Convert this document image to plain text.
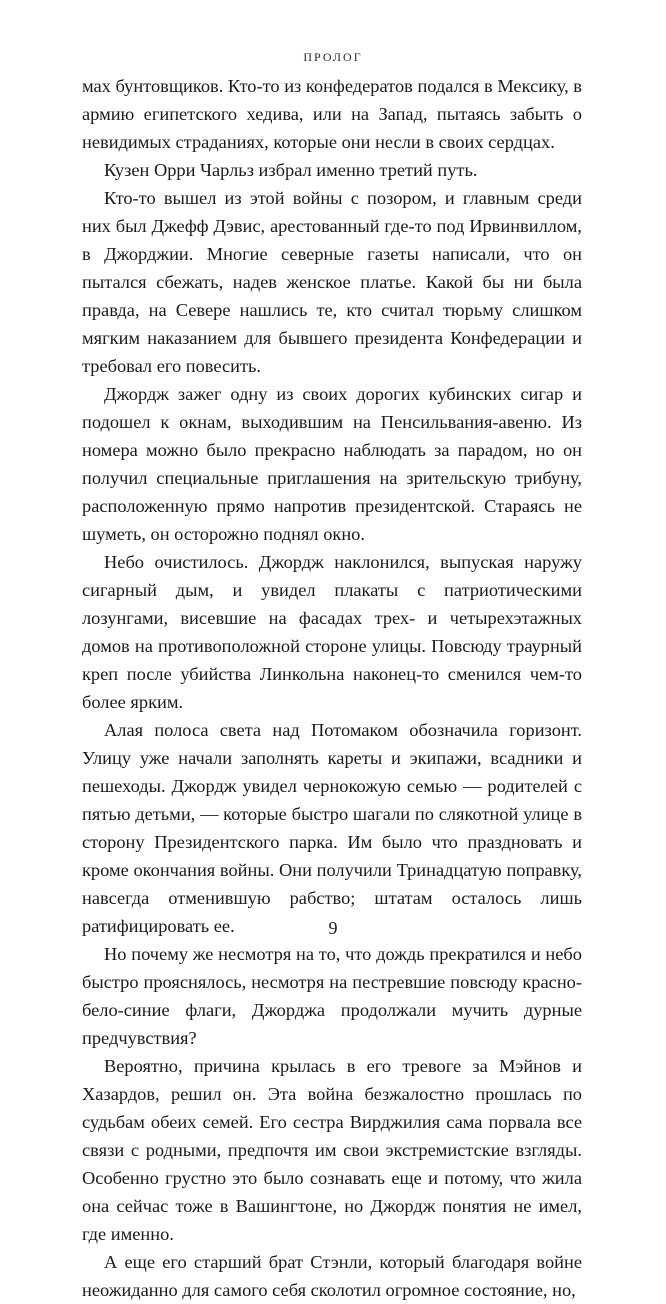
ПРОЛОГ

мах бунтовщиков. Кто-то из конфедератов подался в Мексику, в армию египетского хедива, или на Запад, пытаясь забыть о невидимых страданиях, которые они несли в своих сердцах.

Кузен Орри Чарльз избрал именно третий путь.

Кто-то вышел из этой войны с позором, и главным среди них был Джефф Дэвис, арестованный где-то под Ирвинвиллом, в Джорджии. Многие северные газеты написали, что он пытался сбежать, надев женское платье. Какой бы ни была правда, на Севере нашлись те, кто считал тюрьму слишком мягким наказанием для бывшего президента Конфедерации и требовал его повесить.

Джордж зажег одну из своих дорогих кубинских сигар и подошел к окнам, выходившим на Пенсильвания-авеню. Из номера можно было прекрасно наблюдать за парадом, но он получил специальные приглашения на зрительскую трибуну, расположенную прямо напротив президентской. Стараясь не шуметь, он осторожно поднял окно.

Небо очистилось. Джордж наклонился, выпуская наружу сигарный дым, и увидел плакаты с патриотическими лозунгами, висевшие на фасадах трех- и четырехэтажных домов на противоположной стороне улицы. Повсюду траурный креп после убийства Линкольна наконец-то сменился чем-то более ярким.

Алая полоса света над Потомаком обозначила горизонт. Улицу уже начали заполнять кареты и экипажи, всадники и пешеходы. Джордж увидел чернокожую семью — родителей с пятью детьми, — которые быстро шагали по слякотной улице в сторону Президентского парка. Им было что праздновать и кроме окончания войны. Они получили Тринадцатую поправку, навсегда отменившую рабство; штатам осталось лишь ратифицировать ее.

Но почему же несмотря на то, что дождь прекратился и небо быстро прояснялось, несмотря на пестревшие повсюду красно-бело-синие флаги, Джорджа продолжали мучить дурные предчувствия?

Вероятно, причина крылась в его тревоге за Мэйнов и Хазардов, решил он. Эта война безжалостно прошлась по судьбам обеих семей. Его сестра Вирджилия сама порвала все связи с родными, предпочтя им свои экстремистские взгляды. Особенно грустно это было сознавать еще и потому, что жила она сейчас тоже в Вашингтоне, но Джордж понятия не имел, где именно.

А еще его старший брат Стэнли, который благодаря войне неожиданно для самого себя сколотил огромное состояние, но,

9
